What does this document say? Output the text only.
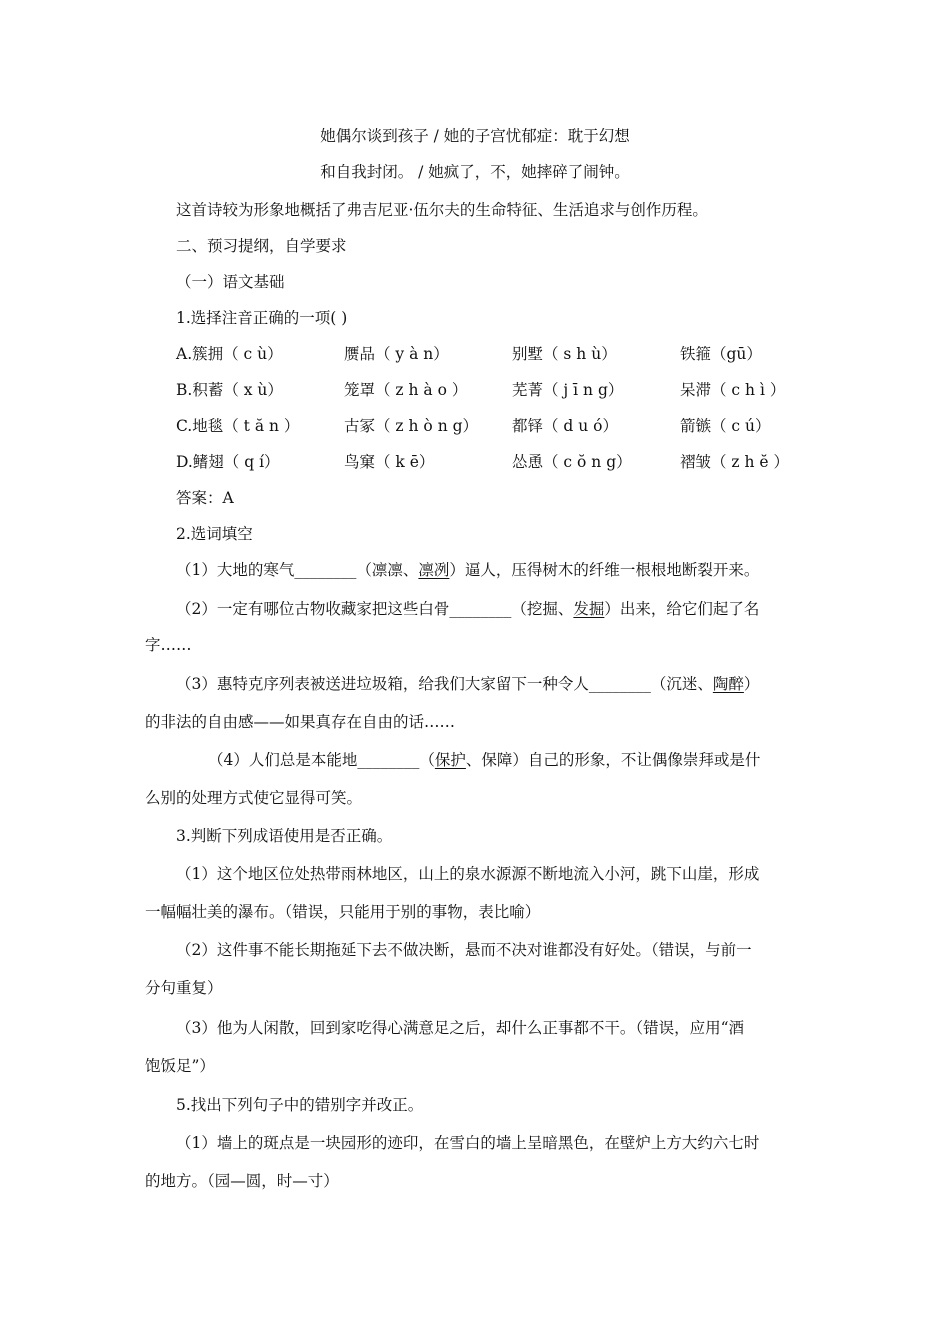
她偶尔谈到孩子 / 她的子宫忧郁症：耽于幻想
和自我封闭。 / 她疯了，不，她摔碎了闹钟。
这首诗较为形象地概括了弗吉尼亚·伍尔夫的生命特征、生活追求与创作历程。
二、预习提纲，自学要求
（一）语文基础
1.选择注音正确的一项( )
A.簇拥（ c ù）	赝品（ y à n）	别墅（ s h ù）	铁箍（gū）
B.积蓄（ x ù）	笼罩（ z h à o ）	芜菁（ j ī n g）	呆滞（ c h ì ）
C.地毯（ t ă n ）	古冢（ z h ò n g） 都铎（ d u ó）	箭镞（ c ú）
D.鳍翅（ q í）	鸟窠（ k ē）	怂恿（ c ŏ n g）	褶皱（ z h ĕ ）
答案：A
2.选词填空
（1）大地的寒气________（凛凛、凛冽）逼人，压得树木的纤维一根根地断裂开来。
（2）一定有哪位古物收藏家把这些白骨________（挖掘、发掘）出来，给它们起了名
字……
（3）惠特克序列表被送进垃圾箱，给我们大家留下一种令人________（沉迷、陶醉）
的非法的自由感——如果真存在自由的话……
（4）人们总是本能地________（保护、保障）自己的形象，不让偶像崇拜或是什
么别的处理方式使它显得可笑。
3.判断下列成语使用是否正确。
（1）这个地区位处热带雨林地区，山上的泉水源源不断地流入小河，跳下山崖，形成
一幅幅壮美的瀑布。（错误，只能用于别的事物，表比喻）
（2）这件事不能长期拖延下去不做决断，悬而不决对谁都没有好处。（错误，与前一
分句重复）
（3）他为人闲散，回到家吃得心满意足之后，却什么正事都不干。（错误，应用“酒
饱饭足”）
5.找出下列句子中的错别字并改正。
（1）墙上的斑点是一块园形的迹印，在雪白的墙上呈暗黑色，在壁炉上方大约六七时
的地方。（园—圆，时—寸）
